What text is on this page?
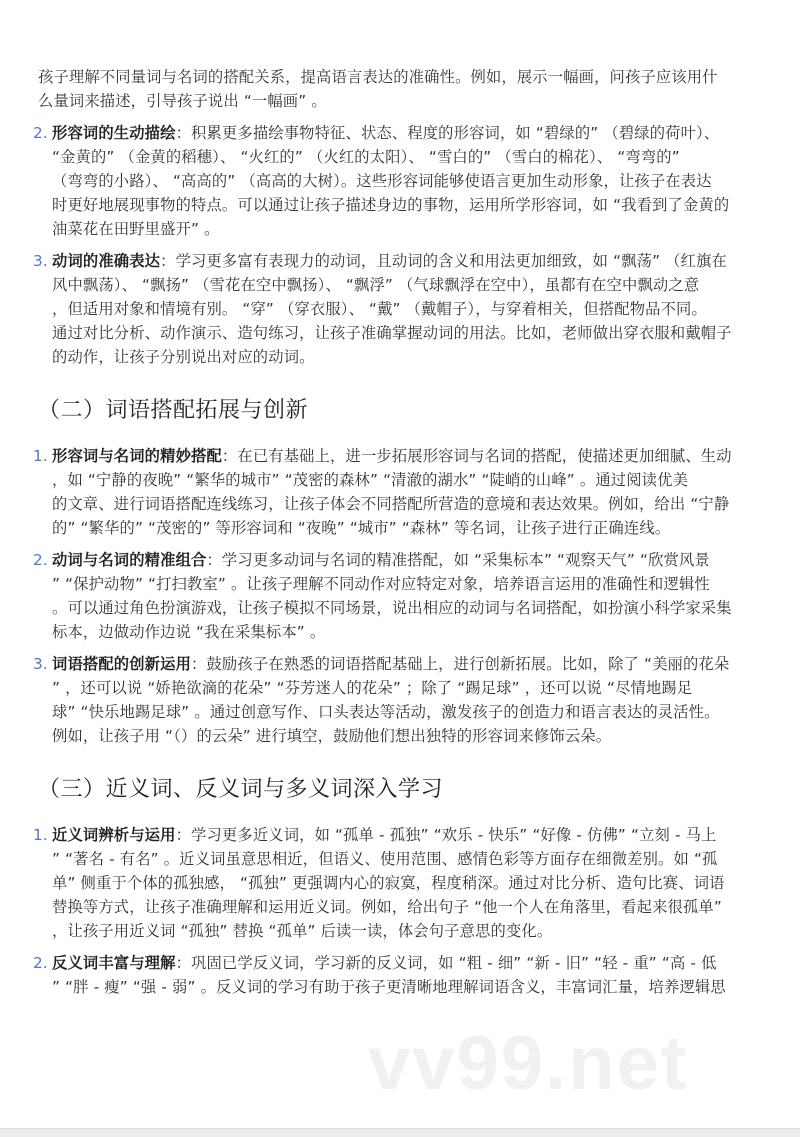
孩子理解不同量词与名词的搭配关系，提高语言表达的准确性。例如，展示一幅画，问孩子应该用什
么量词来描述，引导孩子说出 “一幅画” 。
2. 形容词的生动描绘：积累更多描绘事物特征、状态、程度的形容词，如 “碧绿的” （碧绿的荷叶）、
“金黄的” （金黄的稻穗）、 “火红的” （火红的太阳）、 “雪白的” （雪白的棉花）、 “弯弯的”
（弯弯的小路）、 “高高的” （高高的大树）。这些形容词能够使语言更加生动形象，让孩子在表达
时更好地展现事物的特点。可以通过让孩子描述身边的事物，运用所学形容词，如 “我看到了金黄的
油菜花在田野里盛开” 。
3. 动词的准确表达：学习更多富有表现力的动词，且动词的含义和用法更加细致，如 “飘荡” （红旗在
风中飘荡）、 “飘扬” （雪花在空中飘扬）、 “飘浮” （气球飘浮在空中），虽都有在空中飘动之意
，但适用对象和情境有别。 “穿” （穿衣服）、 “戴” （戴帽子），与穿着相关，但搭配物品不同。
通过对比分析、动作演示、造句练习，让孩子准确掌握动词的用法。比如，老师做出穿衣服和戴帽子
的动作，让孩子分别说出对应的动词。
（二）词语搭配拓展与创新
1. 形容词与名词的精妙搭配：在已有基础上，进一步拓展形容词与名词的搭配，使描述更加细腻、生动
，如 “宁静的夜晚” “繁华的城市” “茂密的森林” “清澈的湖水” “陡峭的山峰” 。通过阅读优美
的文章、进行词语搭配连线练习，让孩子体会不同搭配所营造的意境和表达效果。例如，给出 “宁静
的” “繁华的” “茂密的” 等形容词和 “夜晚” “城市” “森林” 等名词，让孩子进行正确连线。
2. 动词与名词的精准组合：学习更多动词与名词的精准搭配，如 “采集标本” “观察天气” “欣赏风景
” “保护动物” “打扫教室” 。让孩子理解不同动作对应特定对象，培养语言运用的准确性和逻辑性
。可以通过角色扮演游戏，让孩子模拟不同场景，说出相应的动词与名词搭配，如扮演小科学家采集
标本，边做动作边说 “我在采集标本” 。
3. 词语搭配的创新运用：鼓励孩子在熟悉的词语搭配基础上，进行创新拓展。比如，除了 “美丽的花朵
” ，还可以说 “娇艳欲滴的花朵” “芬芳迷人的花朵” ；除了 “踢足球” ，还可以说 “尽情地踢足
球” “快乐地踢足球” 。通过创意写作、口头表达等活动，激发孩子的创造力和语言表达的灵活性。
例如，让孩子用 “（）的云朵” 进行填空，鼓励他们想出独特的形容词来修饰云朵。
（三）近义词、反义词与多义词深入学习
1. 近义词辨析与运用：学习更多近义词，如 “孤单 - 孤独” “欢乐 - 快乐” “好像 - 仿佛” “立刻 - 马上
” “著名 - 有名” 。近义词虽意思相近，但语义、使用范围、感情色彩等方面存在细微差别。如 “孤
单” 侧重于个体的孤独感， “孤独” 更强调内心的寂寞，程度稍深。通过对比分析、造句比赛、词语
替换等方式，让孩子准确理解和运用近义词。例如，给出句子 “他一个人在角落里，看起来很孤单”
，让孩子用近义词 “孤独” 替换 “孤单” 后读一读，体会句子意思的变化。
2. 反义词丰富与理解：巩固已学反义词，学习新的反义词，如 “粗 - 细” “新 - 旧” “轻 - 重” “高 - 低
” “胖 - 瘦” “强 - 弱” 。反义词的学习有助于孩子更清晰地理解词语含义，丰富词汇量，培养逻辑思
vv99.net
